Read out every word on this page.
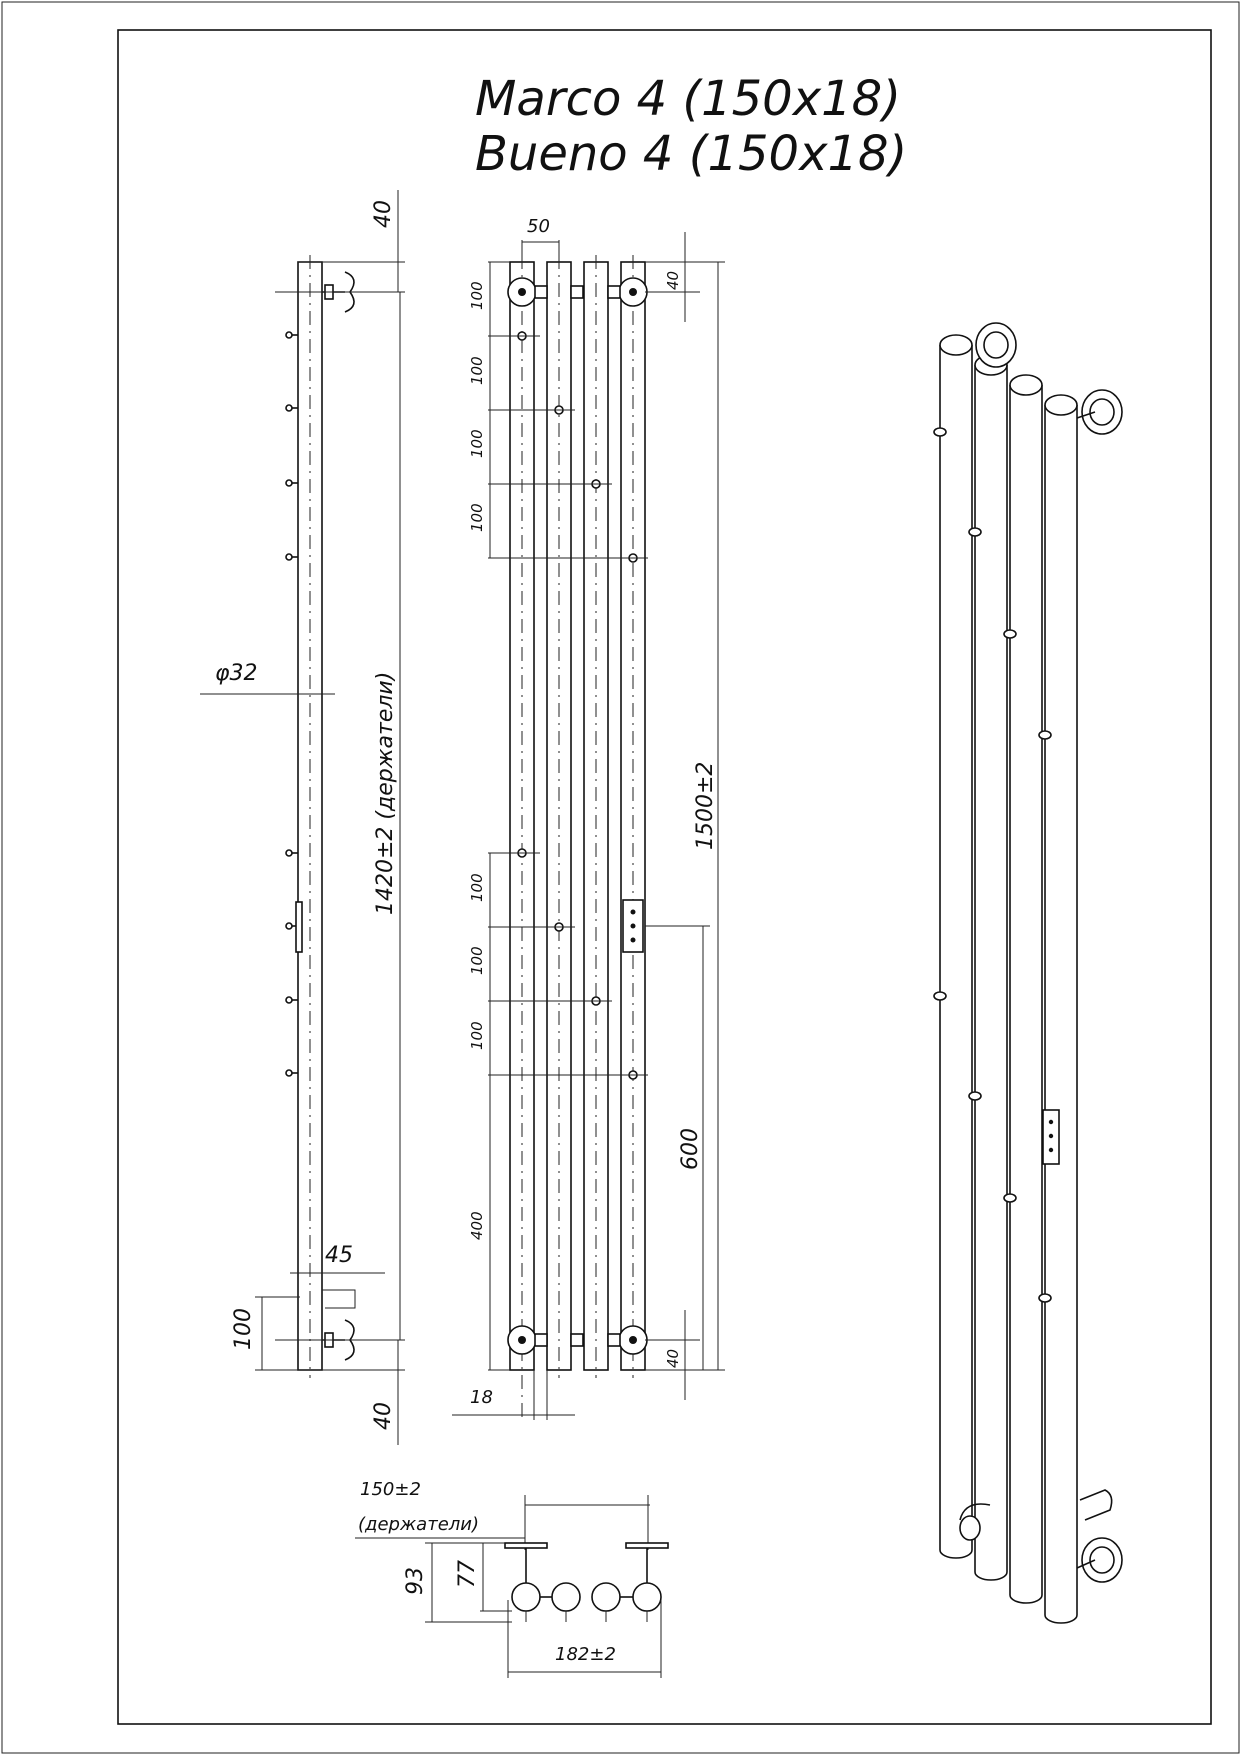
Marco 4 (150x18)
Bueno 4 (150x18)
40
40
1420±2 (держатели)
φ32
45
100
100
100
100
100
100
100
100
400
50
40
40
1500±2
600
18
150±2
(держатели)
93 77
182±2
